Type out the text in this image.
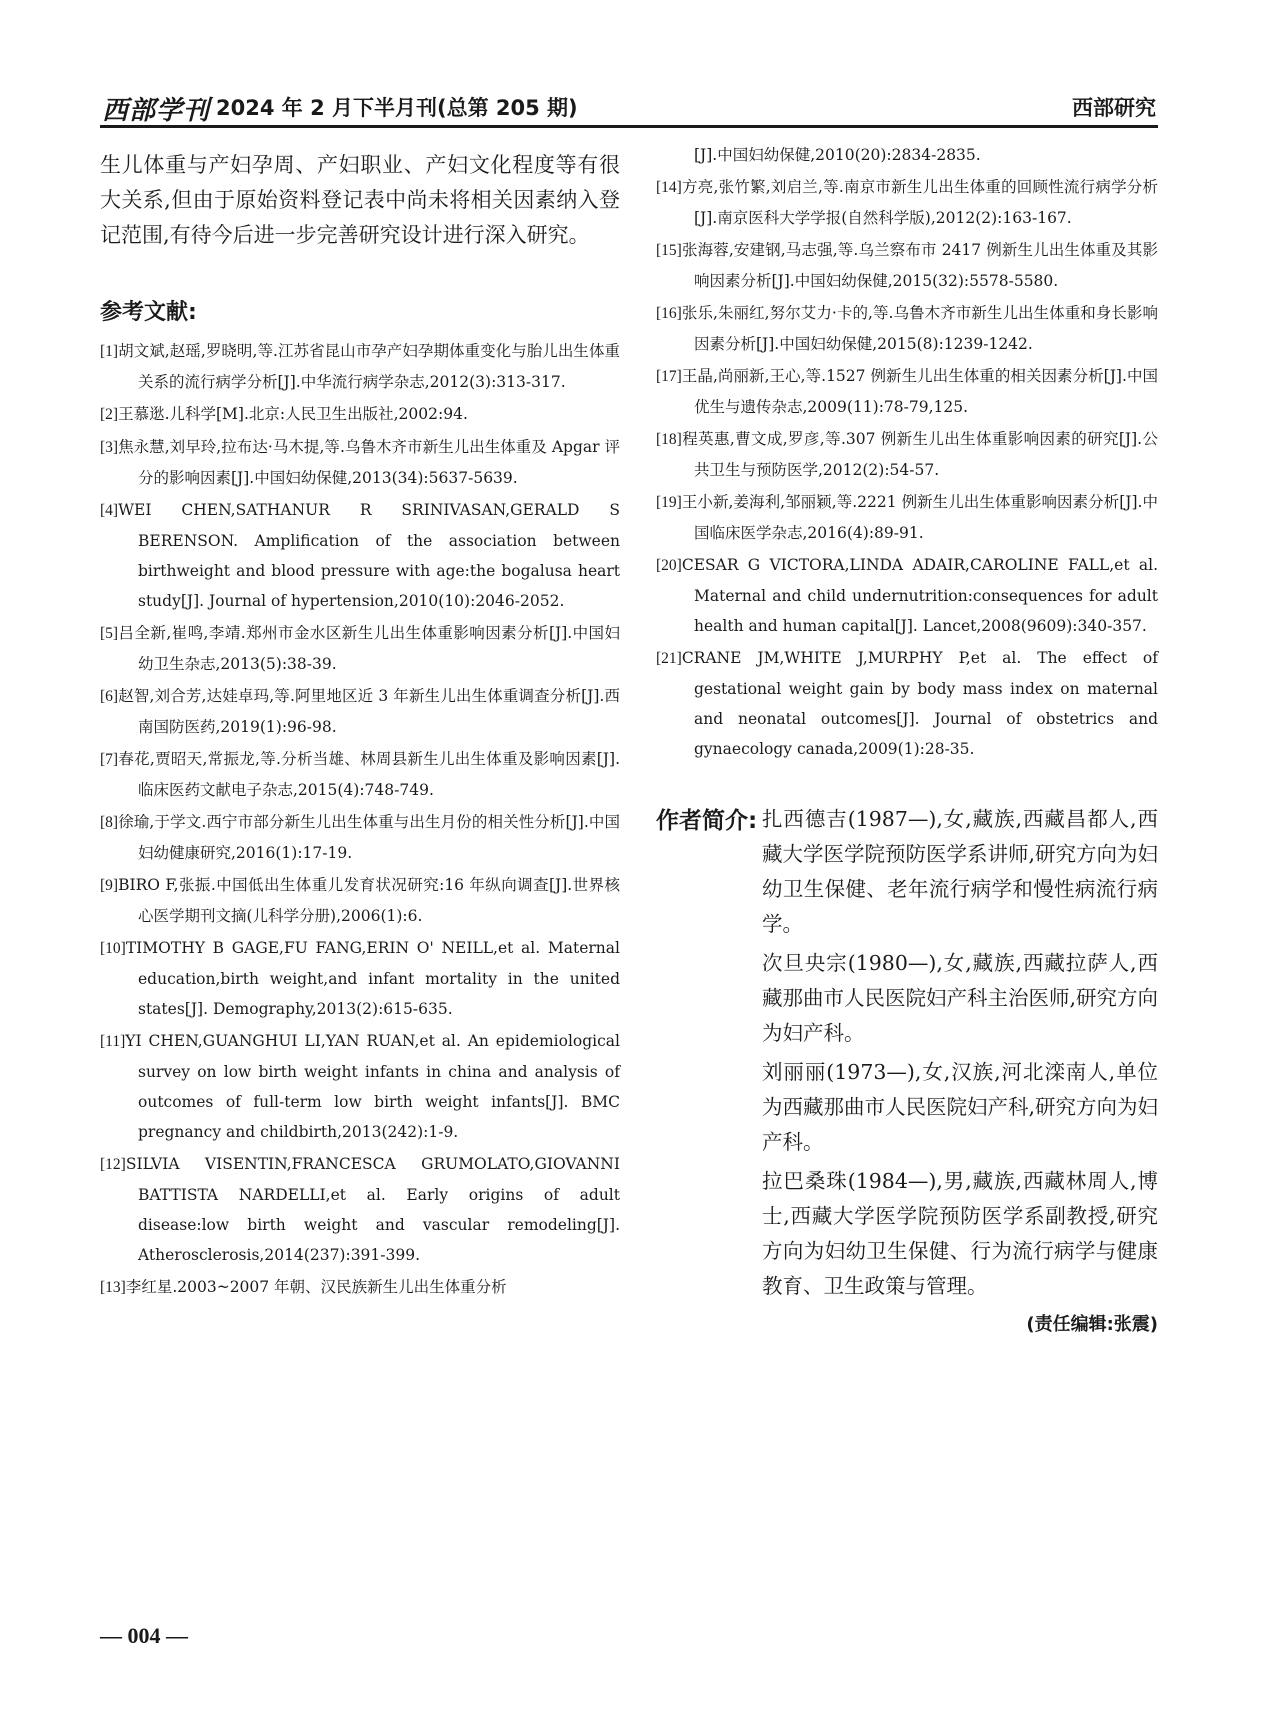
西部学刊 2024 年 2 月下半月刊(总第 205 期)	西部研究

生儿体重与产妇孕周、产妇职业、产妇文化程度等有很大关系,但由于原始资料登记表中尚未将相关因素纳入登记范围,有待今后进一步完善研究设计进行深入研究。

参考文献:
[1]胡文斌,赵瑶,罗晓明,等.江苏省昆山市孕产妇孕期体重变化与胎儿出生体重关系的流行病学分析[J].中华流行病学杂志,2012(3):313-317.
[2]王慕逖.儿科学[M].北京:人民卫生出版社,2002:94.
[3]焦永慧,刘早玲,拉布达·马木提,等.乌鲁木齐市新生儿出生体重及 Apgar 评分的影响因素[J].中国妇幼保健,2013(34):5637-5639.
[4]WEI CHEN,SATHANUR R SRINIVASAN,GERALD S BERENSON. Amplification of the association between birthweight and blood pressure with age:the bogalusa heart study[J]. Journal of hypertension,2010(10):2046-2052.
[5]吕全新,崔鸣,李靖.郑州市金水区新生儿出生体重影响因素分析[J].中国妇幼卫生杂志,2013(5):38-39.
[6]赵智,刘合芳,达娃卓玛,等.阿里地区近 3 年新生儿出生体重调查分析[J].西南国防医药,2019(1):96-98.
[7]春花,贾昭天,常振龙,等.分析当雄、林周县新生儿出生体重及影响因素[J].临床医药文献电子杂志,2015(4):748-749.
[8]徐瑜,于学文.西宁市部分新生儿出生体重与出生月份的相关性分析[J].中国妇幼健康研究,2016(1):17-19.
[9]BIRO F,张振.中国低出生体重儿发育状况研究:16 年纵向调查[J].世界核心医学期刊文摘(儿科学分册),2006(1):6.
[10]TIMOTHY B GAGE,FU FANG,ERIN O' NEILL,et al. Maternal education,birth weight,and infant mortality in the united states[J]. Demography,2013(2):615-635.
[11]YI CHEN,GUANGHUI LI,YAN RUAN,et al. An epidemiological survey on low birth weight infants in china and analysis of outcomes of full-term low birth weight infants[J]. BMC pregnancy and childbirth,2013(242):1-9.
[12]SILVIA VISENTIN,FRANCESCA GRUMOLATO,GIOVANNI BATTISTA NARDELLI,et al. Early origins of adult disease:low birth weight and vascular remodeling[J]. Atherosclerosis,2014(237):391-399.
[13]李红星.2003~2007 年朝、汉民族新生儿出生体重分析

[J].中国妇幼保健,2010(20):2834-2835.

[14]方亮,张竹繁,刘启兰,等.南京市新生儿出生体重的回顾性流行病学分析[J].南京医科大学学报(自然科学版),2012(2):163-167.
[15]张海蓉,安建钢,马志强,等.乌兰察布市 2417 例新生儿出生体重及其影响因素分析[J].中国妇幼保健,2015(32):5578-5580.
[16]张乐,朱丽红,努尔艾力·卡的,等.乌鲁木齐市新生儿出生体重和身长影响因素分析[J].中国妇幼保健,2015(8):1239-1242.
[17]王晶,尚丽新,王心,等.1527 例新生儿出生体重的相关因素分析[J].中国优生与遗传杂志,2009(11):78-79,125.
[18]程英惠,曹文成,罗彦,等.307 例新生儿出生体重影响因素的研究[J].公共卫生与预防医学,2012(2):54-57.
[19]王小新,姜海利,邹丽颖,等.2221 例新生儿出生体重影响因素分析[J].中国临床医学杂志,2016(4):89-91.
[20]CESAR G VICTORA,LINDA ADAIR,CAROLINE FALL,et al. Maternal and child undernutrition:consequences for adult health and human capital[J]. Lancet,2008(9609):340-357.
[21]CRANE JM,WHITE J,MURPHY P,et al. The effect of gestational weight gain by body mass index on maternal and neonatal outcomes[J]. Journal of obstetrics and gynaecology canada,2009(1):28-35.
作者简介: 扎西德吉(1987—),女,藏族,西藏昌都人,西藏大学医学院预防医学系讲师,研究方向为妇幼卫生保健、老年流行病学和慢性病流行病学。

次旦央宗(1980—),女,藏族,西藏拉萨人,西藏那曲市人民医院妇产科主治医师,研究方向为妇产科。

刘丽丽(1973—),女,汉族,河北滦南人,单位为西藏那曲市人民医院妇产科,研究方向为妇产科。

拉巴桑珠(1984—),男,藏族,西藏林周人,博士,西藏大学医学院预防医学系副教授,研究方向为妇幼卫生保健、行为流行病学与健康教育、卫生政策与管理。

(责任编辑:张震)
— 004 —
